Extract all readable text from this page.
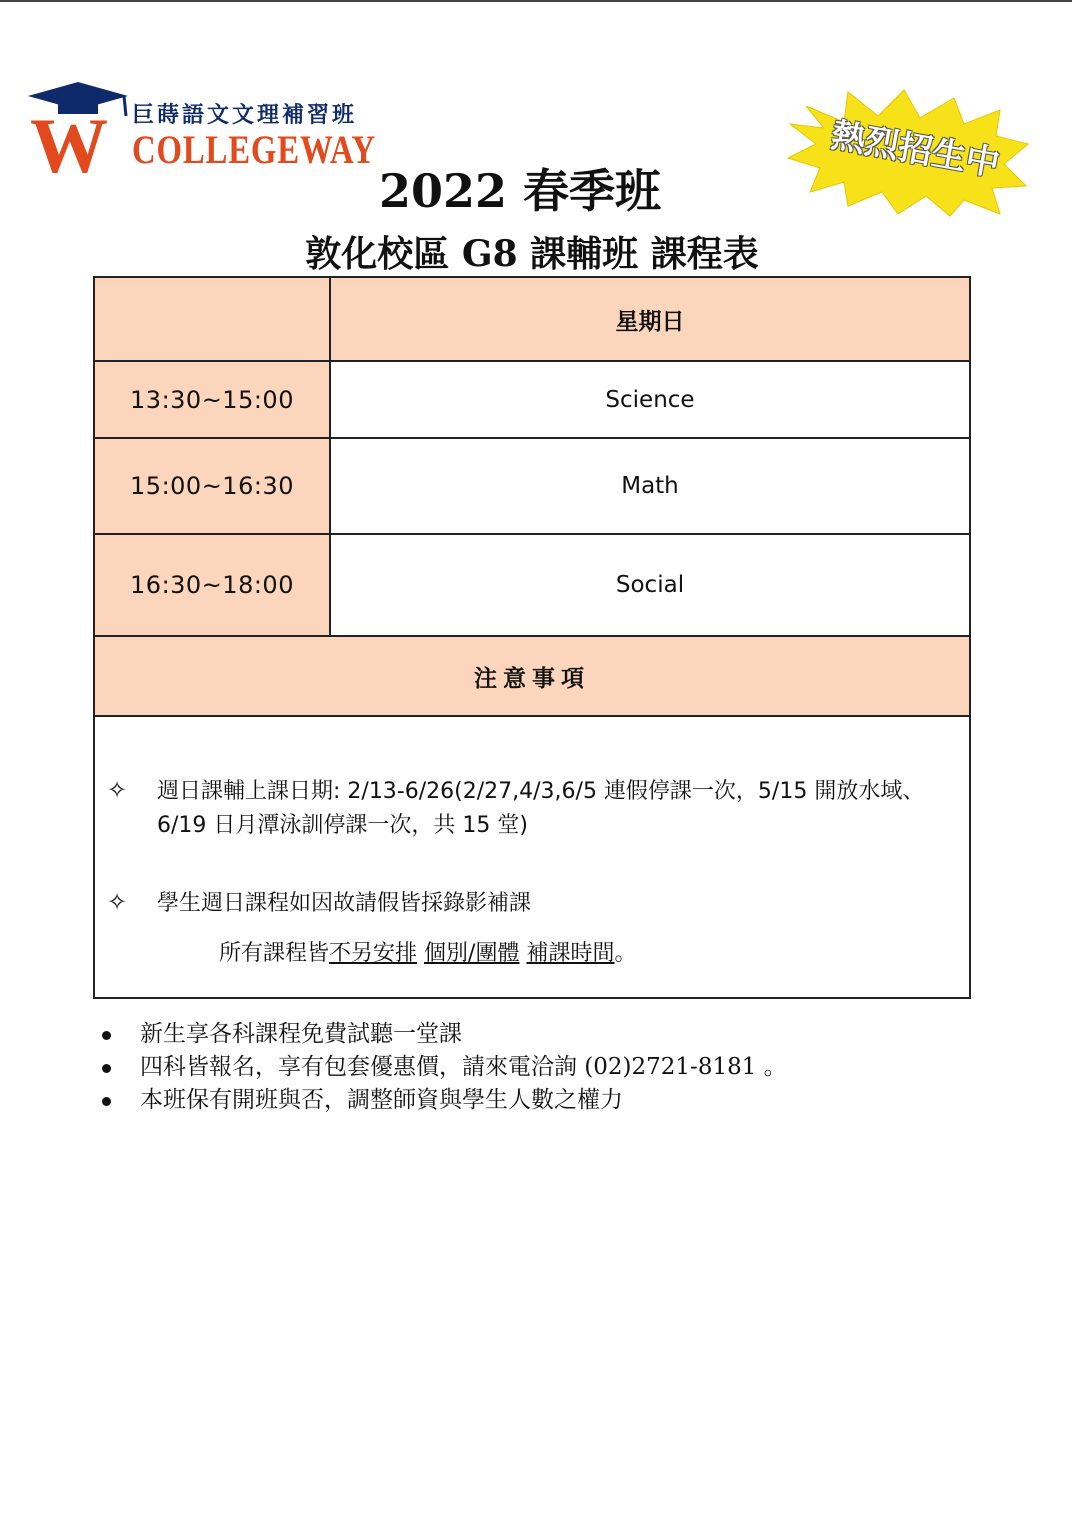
W 巨蒔語文文理補習班
COLLEGEWAY	熱烈招生中
2022 春季班
敦化校區 G8 課輔班 課程表
星期日
13:30~15:00	Science
15:00~16:30	Math
16:30~18:00	Social
注意事項
✧ 週日課輔上課日期: 2/13-6/26(2/27,4/3,6/5 連假停課一次，5/15 開放水域、6/19 日月潭泳訓停課一次，共 15 堂)
✧ 學生週日課程如因故請假皆採錄影補課
所有課程皆不另安排 個別/團體 補課時間。
新生享各科課程免費試聽一堂課
四科皆報名，享有包套優惠價，請來電洽詢 (02)2721-8181 。
本班保有開班與否，調整師資與學生人數之權力
